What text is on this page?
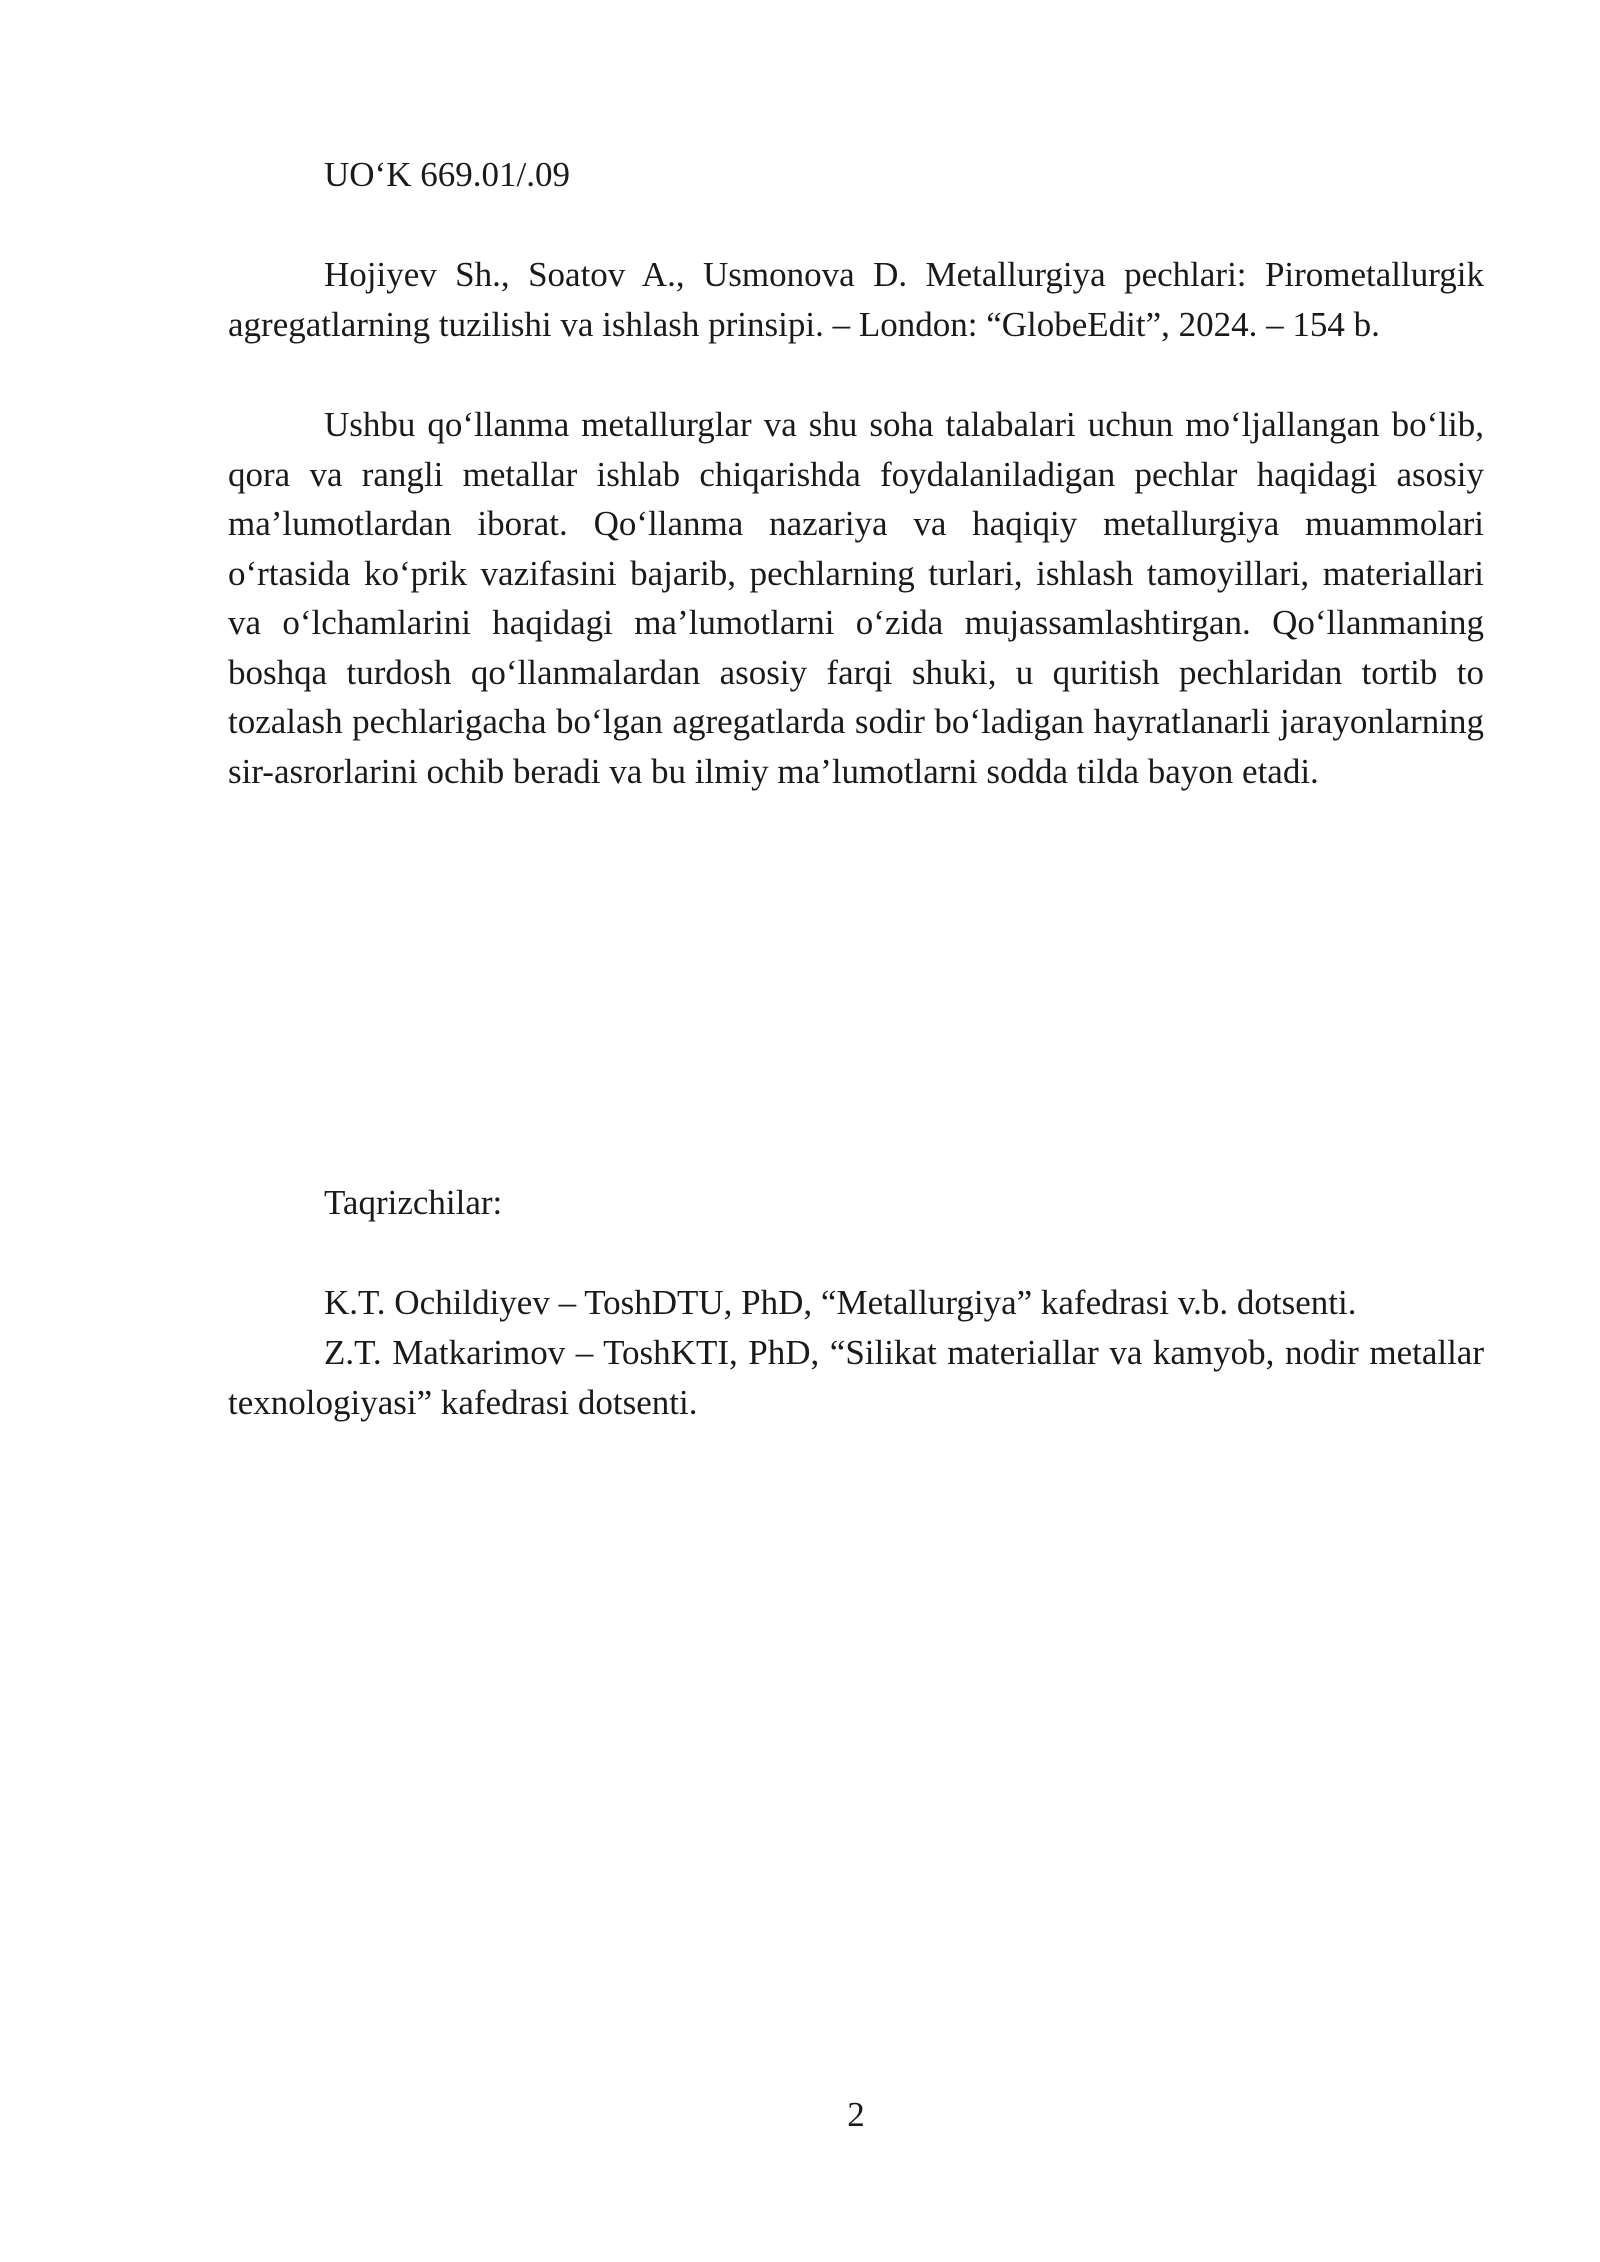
UO‘K 669.01/.09

Hojiyev Sh., Soatov A., Usmonova D. Metallurgiya pechlari: Pirometallurgik agregatlarning tuzilishi va ishlash prinsipi. – London: “GlobeEdit”, 2024. – 154 b.

Ushbu qo‘llanma metallurglar va shu soha talabalari uchun mo‘ljallangan bo‘lib, qora va rangli metallar ishlab chiqarishda foydalaniladigan pechlar haqidagi asosiy ma’lumotlardan iborat. Qo‘llanma nazariya va haqiqiy metallurgiya muammolari o‘rtasida ko‘prik vazifasini bajarib, pechlarning turlari, ishlash tamoyillari, materiallari va o‘lchamlarini haqidagi ma’lumotlarni o‘zida mujassamlashtirgan. Qo‘llanmaning boshqa turdosh qo‘llanmalardan asosiy farqi shuki, u quritish pechlaridan tortib to tozalash pechlarigacha bo‘lgan agregatlarda sodir bo‘ladigan hayratlanarli jarayonlarning sir-asrorlarini ochib beradi va bu ilmiy ma’lumotlarni sodda tilda bayon etadi.

Taqrizchilar:

K.T. Ochildiyev – ToshDTU, PhD, “Metallurgiya” kafedrasi v.b. dotsenti.

Z.T. Matkarimov – ToshKTI, PhD, “Silikat materiallar va kamyob, nodir metallar texnologiyasi” kafedrasi dotsenti.

2
